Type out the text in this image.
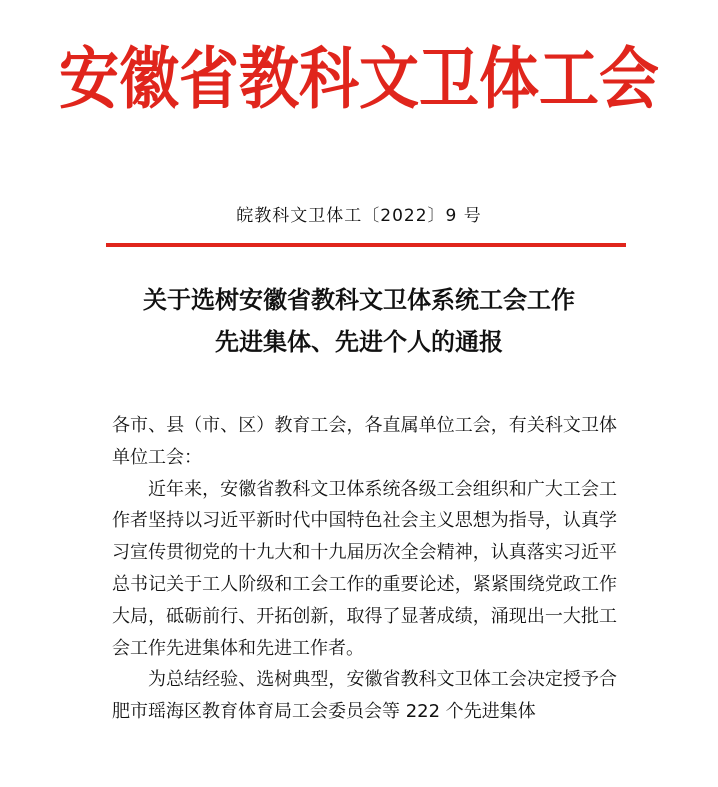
安徽省教科文卫体工会
皖教科文卫体工〔2022〕9 号
关于选树安徽省教科文卫体系统工会工作
先进集体、先进个人的通报

各市、县（市、区）教育工会，各直属单位工会，有关科文卫体单位工会：

近年来，安徽省教科文卫体系统各级工会组织和广大工会工作者坚持以习近平新时代中国特色社会主义思想为指导，认真学习宣传贯彻党的十九大和十九届历次全会精神，认真落实习近平总书记关于工人阶级和工会工作的重要论述，紧紧围绕党政工作大局，砥砺前行、开拓创新，取得了显著成绩，涌现出一大批工会工作先进集体和先进工作者。

为总结经验、选树典型，安徽省教科文卫体工会决定授予合肥市瑶海区教育体育局工会委员会等 222 个先进集体
